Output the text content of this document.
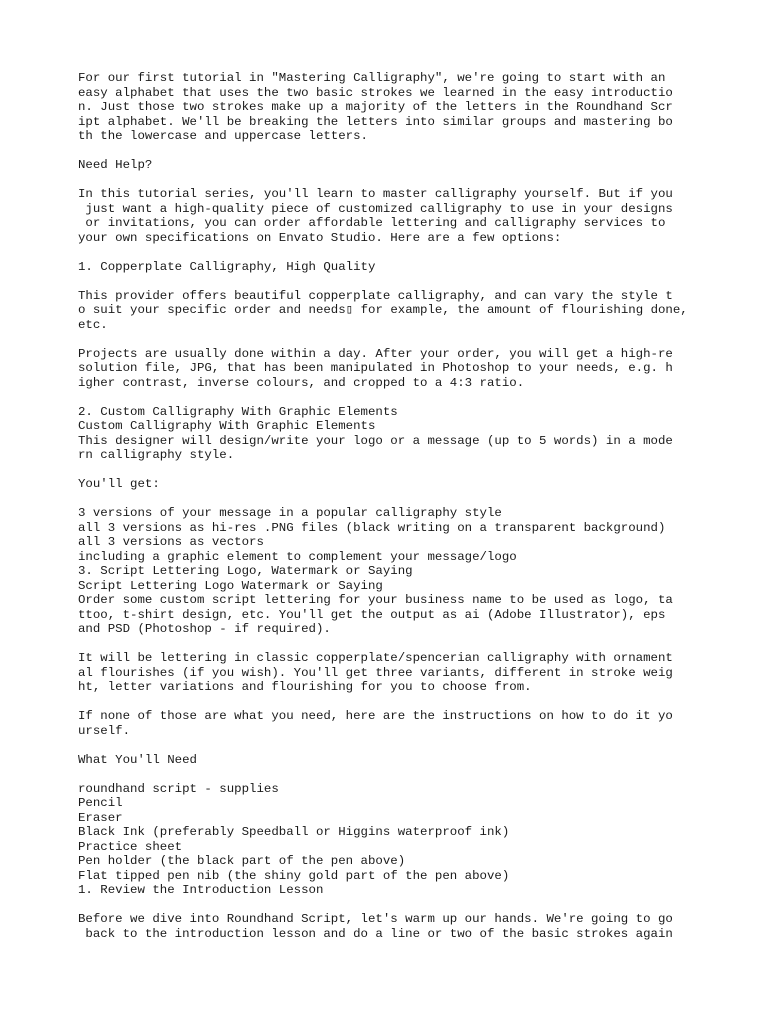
For our first tutorial in "Mastering Calligraphy", we're going to start with an
easy alphabet that uses the two basic strokes we learned in the easy introductio
n. Just those two strokes make up a majority of the letters in the Roundhand Scr
ipt alphabet. We'll be breaking the letters into similar groups and mastering bo
th the lowercase and uppercase letters.
Need Help?
In this tutorial series, you'll learn to master calligraphy yourself. But if you
just want a high-quality piece of customized calligraphy to use in your designs
or invitations, you can order affordable lettering and calligraphy services to
your own specifications on Envato Studio. Here are a few options:
1. Copperplate Calligraphy, High Quality
This provider offers beautiful copperplate calligraphy, and can vary the style t
o suit your specific order and needs▯ for example, the amount of flourishing done,
etc.
Projects are usually done within a day. After your order, you will get a high-re
solution file, JPG, that has been manipulated in Photoshop to your needs, e.g. h
igher contrast, inverse colours, and cropped to a 4:3 ratio.
2. Custom Calligraphy With Graphic Elements
Custom Calligraphy With Graphic Elements
This designer will design/write your logo or a message (up to 5 words) in a mode
rn calligraphy style.
You'll get:
3 versions of your message in a popular calligraphy style
all 3 versions as hi-res .PNG files (black writing on a transparent background)
all 3 versions as vectors
including a graphic element to complement your message/logo
3. Script Lettering Logo, Watermark or Saying
Script Lettering Logo Watermark or Saying
Order some custom script lettering for your business name to be used as logo, ta
ttoo, t-shirt design, etc. You'll get the output as ai (Adobe Illustrator), eps
and PSD (Photoshop - if required).
It will be lettering in classic copperplate/spencerian calligraphy with ornament
al flourishes (if you wish). You'll get three variants, different in stroke weig
ht, letter variations and flourishing for you to choose from.
If none of those are what you need, here are the instructions on how to do it yo
urself.
What You'll Need
roundhand script - supplies
Pencil
Eraser
Black Ink (preferably Speedball or Higgins waterproof ink)
Practice sheet
Pen holder (the black part of the pen above)
Flat tipped pen nib (the shiny gold part of the pen above)
1. Review the Introduction Lesson
Before we dive into Roundhand Script, let's warm up our hands. We're going to go
back to the introduction lesson and do a line or two of the basic strokes again
